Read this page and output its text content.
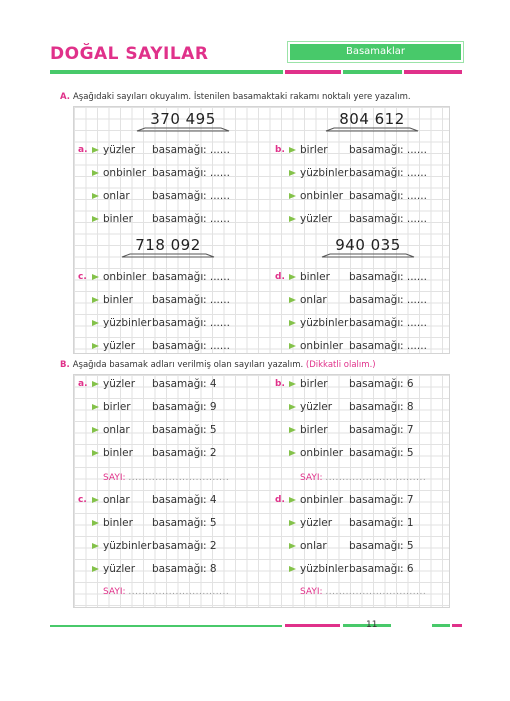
DOĞAL SAYILAR	Basamaklar
A. Aşağıdaki sayıları okuyalım. İstenilen basamaktaki rakamı noktalı yere yazalım.
370 495	804 612
718 092	940 035
a. yüzler basamağı : ......
onbinler basamağı : ......
onlar basamağı : ......
binler basamağı : ......
b. birler basamağı : ......
yüzbinler basamağı : ......
onbinler basamağı : ......
yüzler basamağı : ......
c. onbinler basamağı : ......
binler basamağı : ......
yüzbinler basamağı : ......
yüzler basamağı : ......
d. binler basamağı : ......
onlar basamağı : ......
yüzbinler basamağı : ......
onbinler basamağı : ......
B. Aşağıda basamak adları verilmiş olan sayıları yazalım. (Dikkatli olalım.)
a. yüzler basamağı : 4
birler basamağı : 9
onlar basamağı : 5
binler basamağı : 2
SAYI: ..............................
b. birler basamağı : 6
yüzler basamağı : 8
birler basamağı : 7
onbinler basamağı : 5
SAYI: ..............................
c. onlar basamağı : 4
binler basamağı : 5
yüzbinler basamağı : 2
yüzler basamağı : 8
SAYI: ..............................
d. onbinler basamağı : 7
yüzler basamağı : 1
onlar basamağı : 5
yüzbinler basamağı : 6
SAYI: ..............................
11
